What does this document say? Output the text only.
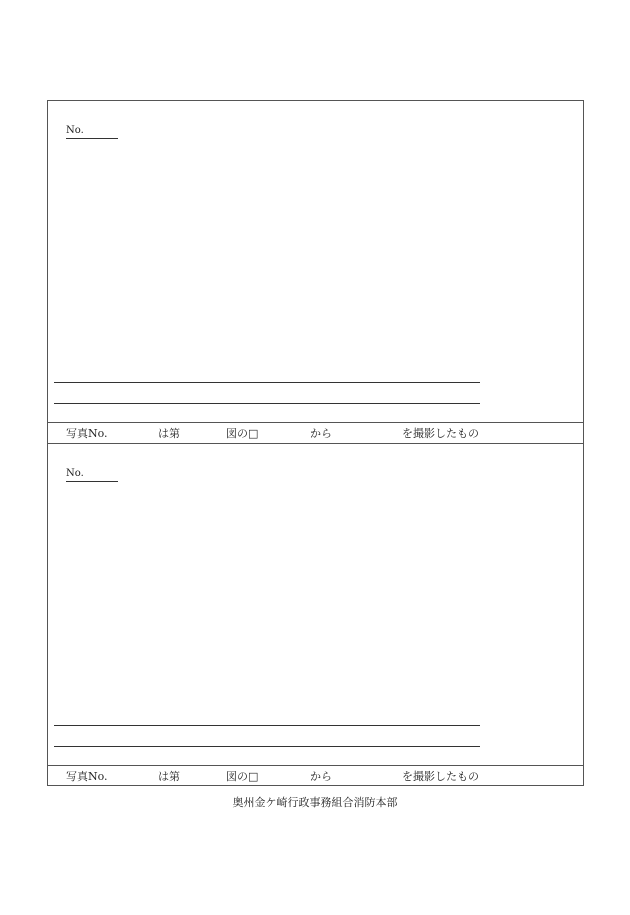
No.
写真No.	は第	図の□	から	を撮影したもの
No.
写真No.	は第	図の□	から	を撮影したもの
奥州金ケ崎行政事務組合消防本部
